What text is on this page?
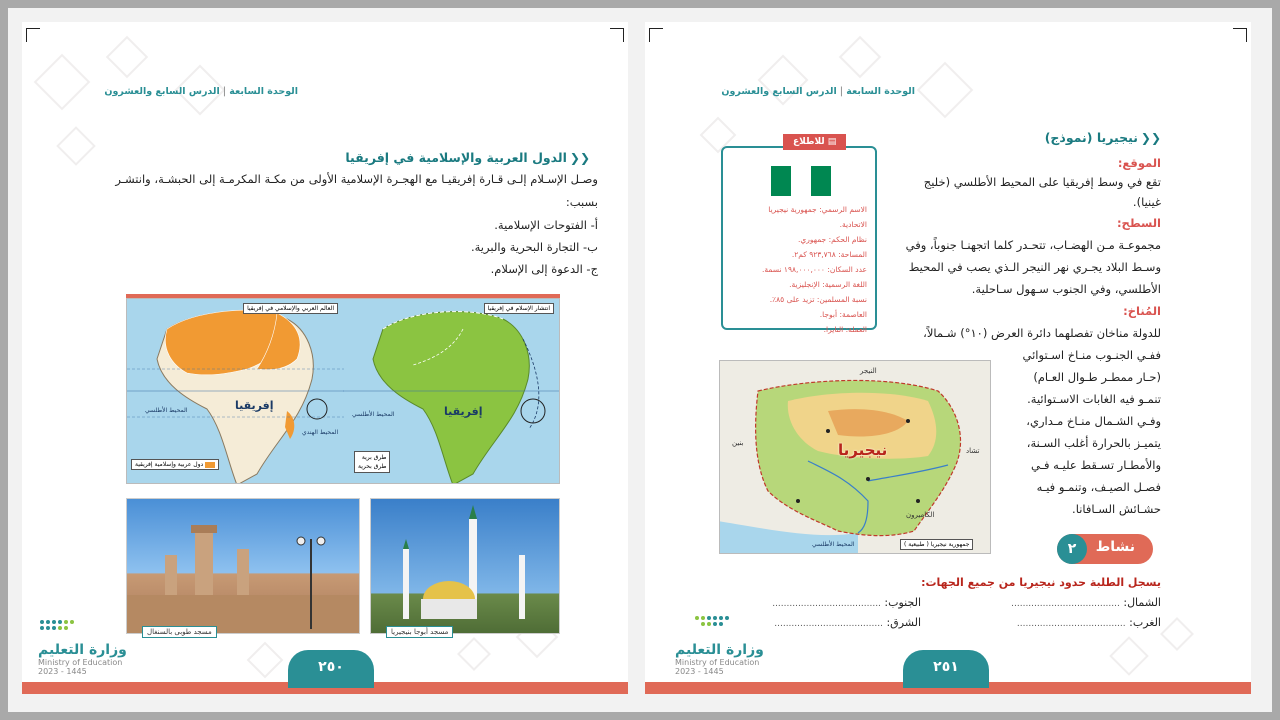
الوحدة السابعة|الدرس السابع والعشرون
❮❮الدول العربية والإسلامية في إفريقيا
وصـل الإسـلام إلـى قـارة إفريقيـا مع الهجـرة الإسلامية الأولى من مكـة المكرمـة إلى الحبشـة، وانتشـر بسبب:
أ- الفتوحات الإسلامية.
ب- التجارة البحرية والبرية.
ج- الدعوة إلى الإسلام.
إفريقيا
المحيط الأطلسي
المحيط الهندي
العالم العربي والإسلامي في إفريقيا
دول عربية وإسلامية إفريقية
إفريقيا
المحيط الأطلسي
انتشار الإسلام في إفريقيا
طرق برية
طرق بحرية
مسجد طوبى بالسنغال	مسجد أبوجا بنيجيريا
وزارة التعليم
Ministry of Education
2023 - 1445	٢٥٠
الوحدة السابعة|الدرس السابع والعشرون
❮❮نيجيريا (نموذج)
الموقع:
تقع في وسط إفريقيا على المحيط الأطلسي (خليج غينيا).
السطح:
مجموعـة مـن الهضـاب، تتحـدر كلما اتجهنـا جنوباً، وفي وسـط البلاد يجـري نهر النيجر الـذي يصب في المحيط الأطلسي، وفي الجنوب سـهول سـاحلية.
المُناخ:
للدولة مناخان تفصلهما دائرة العرض (١٠°) شـمالاً،
ففـي الجنـوب منـاخ اسـتوائي
(حـار ممطـر طـوال العـام)
تنمـو فيه الغابات الاسـتوائية.
وفـي الشـمال منـاخ مـداري،
يتميـز بالحرارة أغلب السـنة،
والأمطـار تسـقط عليـه فـي
فصـل الصيـف، وتنمـو فيـه
حشـائش السـافانا.
الاسم الرسمي: جمهورية نيجيريا
الاتحادية.
نظام الحكم: جمهوري.
المساحة: ٩٢٣,٧٦٨ كم٢.
عدد السكان: ١٩٨,٠٠٠,٠٠٠ نسمة.
اللغة الرسمية: الإنجليزية.
نسبة المسلمين: تزيد على ٨٥٪.
العاصمة: أبوجا.
العملة: النايرا.
▤ للاطلاع
نيجيريا
النيجر
بنين
تشاد
الكاميرون
المحيط الأطلسي	جمهورية نيجيريا ( طبيعية )	نشاط
٢
يسجل الطلبة حدود نيجيريا من جميع الجهات:
الشمال: ......................................
الجنوب: ......................................
الغرب: ......................................
الشرق: ......................................
وزارة التعليم
Ministry of Education
2023 - 1445	٢٥١
